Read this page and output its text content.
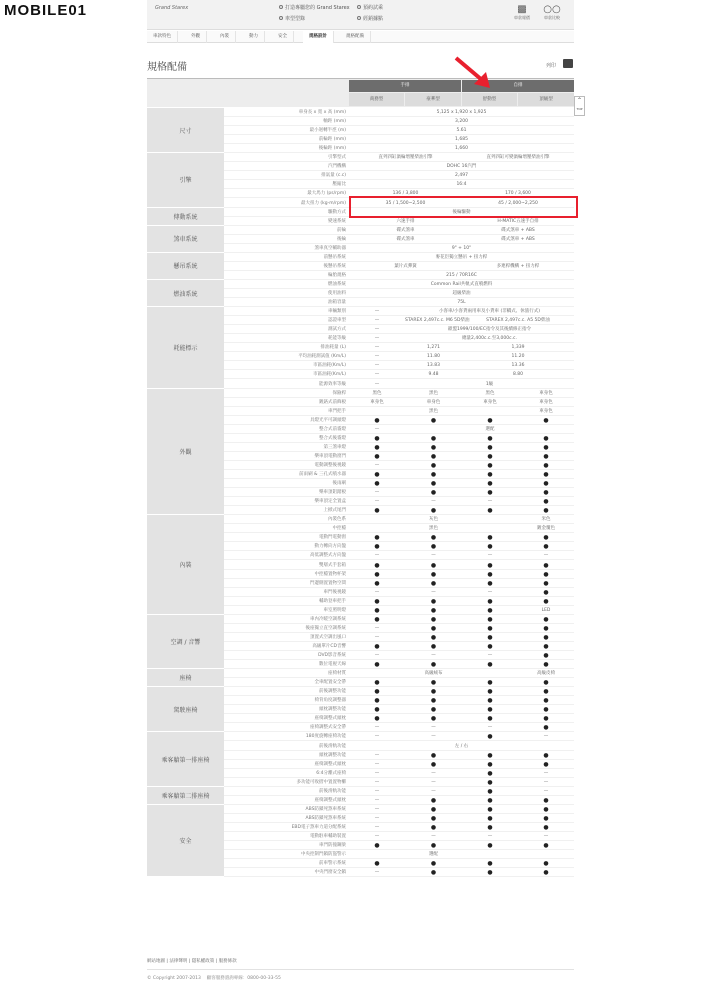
MOBILE01	Grand Starex	打造專屬您的 Grand Starex
車型型錄
預約試乘
經銷據點
▩
車款報價
○○
車款比較
車款特色	外觀	內裝	動力	安全	規格設計	規格配備
規格配備	列印
手排	自排
商務型	豪華型	舒動型	頂級型
車身長 x 寬 x 高 (mm)	5,125 x 1,920 x 1,925
軸距 (mm)	3,200
最小迴轉半徑 (m)	5.61
前輪距 (mm)	1,685
後輪距 (mm)	1,660
尺寸
引擎型式	直列四缸渦輪增壓柴油引擎	直列四缸可變渦輪增壓柴油引擎
汽門機構	DOHC 16汽門
排氣量 (c.c)	2,497
壓縮比	16:4
最大馬力 (ps/rpm)	136 / 3,800	170 / 3,600
最大扭力 (kg-m/rpm)	35 / 1,500~2,500	45 / 2,000~2,250
引擎
驅動方式	後輪驅動
變速系統	六速手排	H-MATIC五速手自排
傳動系統
前輪	碟式煞車	碟式煞車 + ABS
後輪	碟式煞車	碟式煞車 + ABS
煞車真空輔助器	9" + 10"
煞車系統
前懸吊系統	麥花臣獨立懸吊 + 扭力桿
後懸吊系統	葉片式彈簧	多連桿機構 + 扭力桿
輪胎規格	215 / 70R16C
懸吊系統
燃油系統	Common Rail共軌式直噴燃料
使用油料	超級柴油
油箱容量	75L
燃油系統
車輛類別	—	小客車/小客貨兩用車及小貨車 (非轎式、休旅行式)
認證車型	—	STAREX 2,497c.c. M6 5D柴油	STAREX 2,497c.c. A5 5D柴油
測試方式	—	歐盟1999/100/EC指令及其後續修正指令
耗能等級	—	總量2,400c.c.至3,000c.c.
排油耗量 (L)	—	1,271	1,339
平均油耗測試值 (Km/L)	—	11.80	11.20
市區油耗(Km/L)	—	13.83	13.36
市區油耗(Km/L)	—	9.48	8.80
能源效率等級	—	1級
耗能標示
保險桿	黑色	黑色	黑色	車身色
鍍鉻式前飾板	車身色	車身色	車身色	車身色
車門把手	黑色	車身色
具燈光平可調頭燈	●	●	●	●
整合式前霧燈	—	選配
整合式後霧燈	●	●	●	●
第三煞車燈	●	●	●	●
樂車頂電動窗門	●	●	●	●
電動調整後視鏡	—	●	●	●
前雨刷 & 三孔式噴水器	●	●	●	●
後雨刷	●	●	●	●
樂車頂鋁踏板	—	●	●	●
樂車頂定全置盒	—	—	—	●
上掀式尾門	●	●	●	●
外觀
內裝色系	灰色	米色
中控檯	黑色	鍍金覆色
電動門電動窗	●	●	●	●
動力轉向方向盤	●	●	●	●
高低調整式方向盤	—	—	—	—
雙層式手套箱	●	●	●	●
中控檯置物杯架	●	●	●	●
門邊側置置物空間	●	●	●	●
車門後視鏡	—	—	—	●
輔助登車把手	●	●	●	●
車室照明燈	●	●	●	LED
內裝
車內冷暖空調系統	●	●	●	●
後座獨立直空調系統	—	●	●	●
頂置式空調出風口	—	●	●	●
高級單片CD音響	●	●	●	●
DVD影音系統	—	—	—	●
數位電視天線	●	●	●	●
空調 / 音響
座椅材質	高級絨布	高級皮椅
全車配置安全帶	●	●	●	●
座椅
前後調整功能	●	●	●	●
椅背角度調整器	●	●	●	●
頭枕調整功能	●	●	●	●
座椅調整式頭枕	●	●	●	●
座椅調整式安全帶	—	—	—	●
駕駛座椅
180度旋轉座椅功能	—	—	●	—
前後滑軌功能	左 / 右
頭枕調整功能	—	●	●	●
座椅調整式頭枕	—	●	●	●
6:4分離式座椅	—	—	●	—
多功能可收摺中置置物櫃	—	—	●	—
乘客艙第一排座椅
前後滑軌功能	—	—	●	—
座椅調整式頭枕	—	●	●	●
乘客艙第二排座椅
ABS防鎖死煞車系統	—	●	●	●
ABS防鎖死煞車系統	—	●	●	●
EBD電子煞車力道分配系統	—	●	●	●
電動駐車輔助裝置	—	—	—	—
車門防撞鋼梁	●	●	●	●
中央控制門鎖防盜警示	選配
前車警示系統	●	●	●	●
中央門窗安全鎖	—	●	●	●
安全
網站地圖 | 法律聲明 | 隱私權政策 | 服務條款
© Copyright 2007-2013 　顧客服務諮詢專線：0800-00-33-55
⌃
TOP
